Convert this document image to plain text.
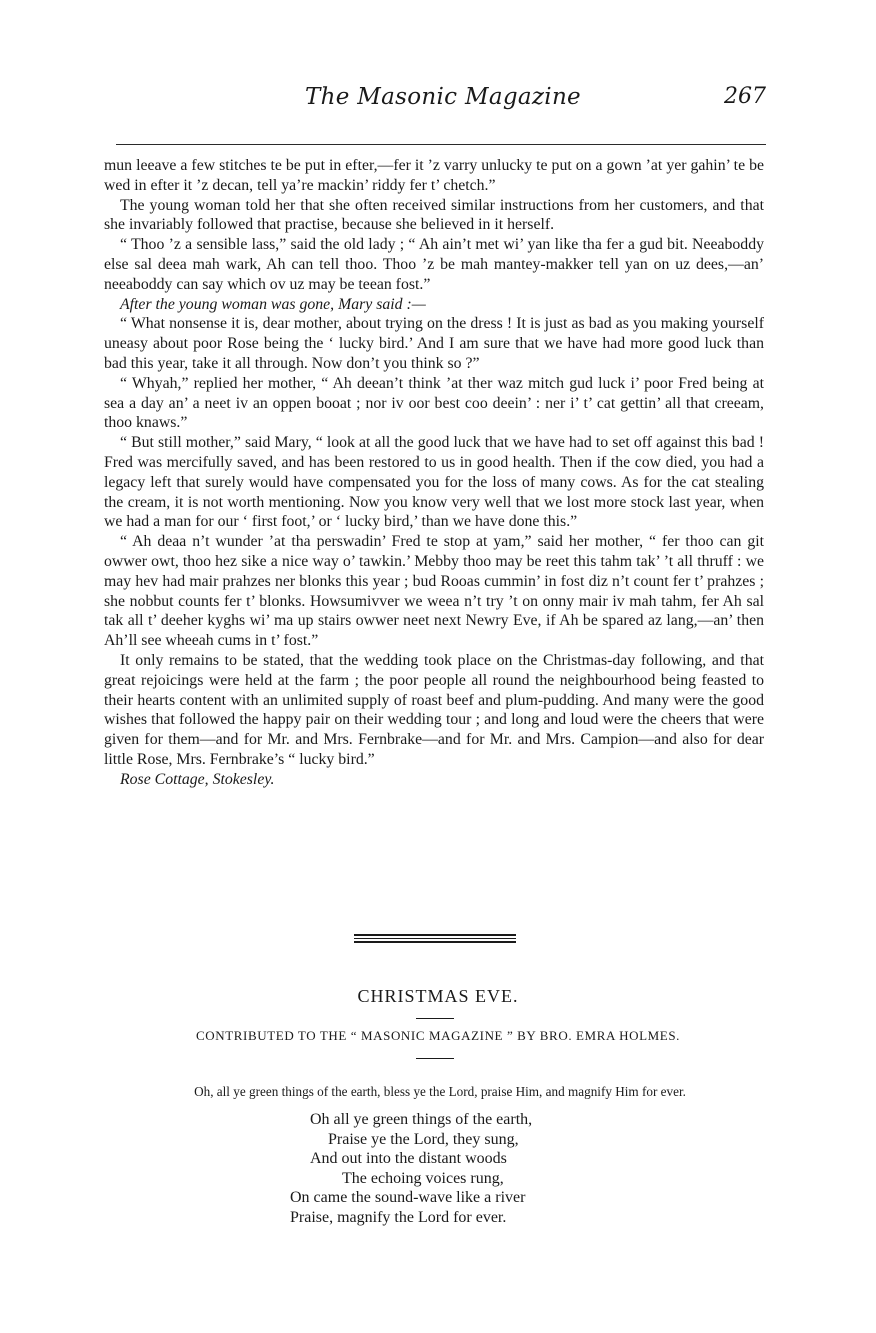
The Masonic Magazine	267

mun leeave a few stitches te be put in efter,—fer it ’z varry unlucky te put on a gown ’at yer gahin’ te be wed in efter it ’z decan, tell ya’re mackin’ riddy fer t’ chetch.”

The young woman told her that she often received similar instructions from her customers, and that she invariably followed that practise, because she believed in it herself.

“ Thoo ’z a sensible lass,” said the old lady ; “ Ah ain’t met wi’ yan like tha fer a gud bit. Neeaboddy else sal deea mah wark, Ah can tell thoo. Thoo ’z be mah mantey-makker tell yan on uz dees,—an’ neeaboddy can say which ov uz may be teean fost.”

After the young woman was gone, Mary said :—

“ What nonsense it is, dear mother, about trying on the dress ! It is just as bad as you making yourself uneasy about poor Rose being the ‘ lucky bird.’ And I am sure that we have had more good luck than bad this year, take it all through. Now don’t you think so ?”

“ Whyah,” replied her mother, “ Ah deean’t think ’at ther waz mitch gud luck i’ poor Fred being at sea a day an’ a neet iv an oppen booat ; nor iv oor best coo deein’ : ner i’ t’ cat gettin’ all that creeam, thoo knaws.”

“ But still mother,” said Mary, “ look at all the good luck that we have had to set off against this bad ! Fred was mercifully saved, and has been restored to us in good health. Then if the cow died, you had a legacy left that surely would have compensated you for the loss of many cows. As for the cat stealing the cream, it is not worth mentioning. Now you know very well that we lost more stock last year, when we had a man for our ‘ first foot,’ or ‘ lucky bird,’ than we have done this.”

“ Ah deaa n’t wunder ’at tha perswadin’ Fred te stop at yam,” said her mother, “ fer thoo can git owwer owt, thoo hez sike a nice way o’ tawkin.’ Mebby thoo may be reet this tahm tak’ ’t all thruff : we may hev had mair prahzes ner blonks this year ; bud Rooas cummin’ in fost diz n’t count fer t’ prahzes ; she nobbut counts fer t’ blonks. Howsumivver we weea n’t try ’t on onny mair iv mah tahm, fer Ah sal tak all t’ deeher kyghs wi’ ma up stairs owwer neet next Newry Eve, if Ah be spared az lang,—an’ then Ah’ll see wheeah cums in t’ fost.”

It only remains to be stated, that the wedding took place on the Christmas-day following, and that great rejoicings were held at the farm ; the poor people all round the neighbourhood being feasted to their hearts content with an unlimited supply of roast beef and plum-pudding. And many were the good wishes that followed the happy pair on their wedding tour ; and long and loud were the cheers that were given for them—and for Mr. and Mrs. Fernbrake—and for Mr. and Mrs. Campion—and also for dear little Rose, Mrs. Fernbrake’s “ lucky bird.”

Rose Cottage, Stokesley.
CHRISTMAS EVE.
CONTRIBUTED TO THE “ MASONIC MAGAZINE ” BY BRO. EMRA HOLMES.
Oh, all ye green things of the earth, bless ye the Lord, praise Him, and magnify Him for ever.
Oh all ye green things of the earth,
Praise ye the Lord, they sung,
And out into the distant woods
The echoing voices rung,
On came the sound-wave like a river
Praise, magnify the Lord for ever.
